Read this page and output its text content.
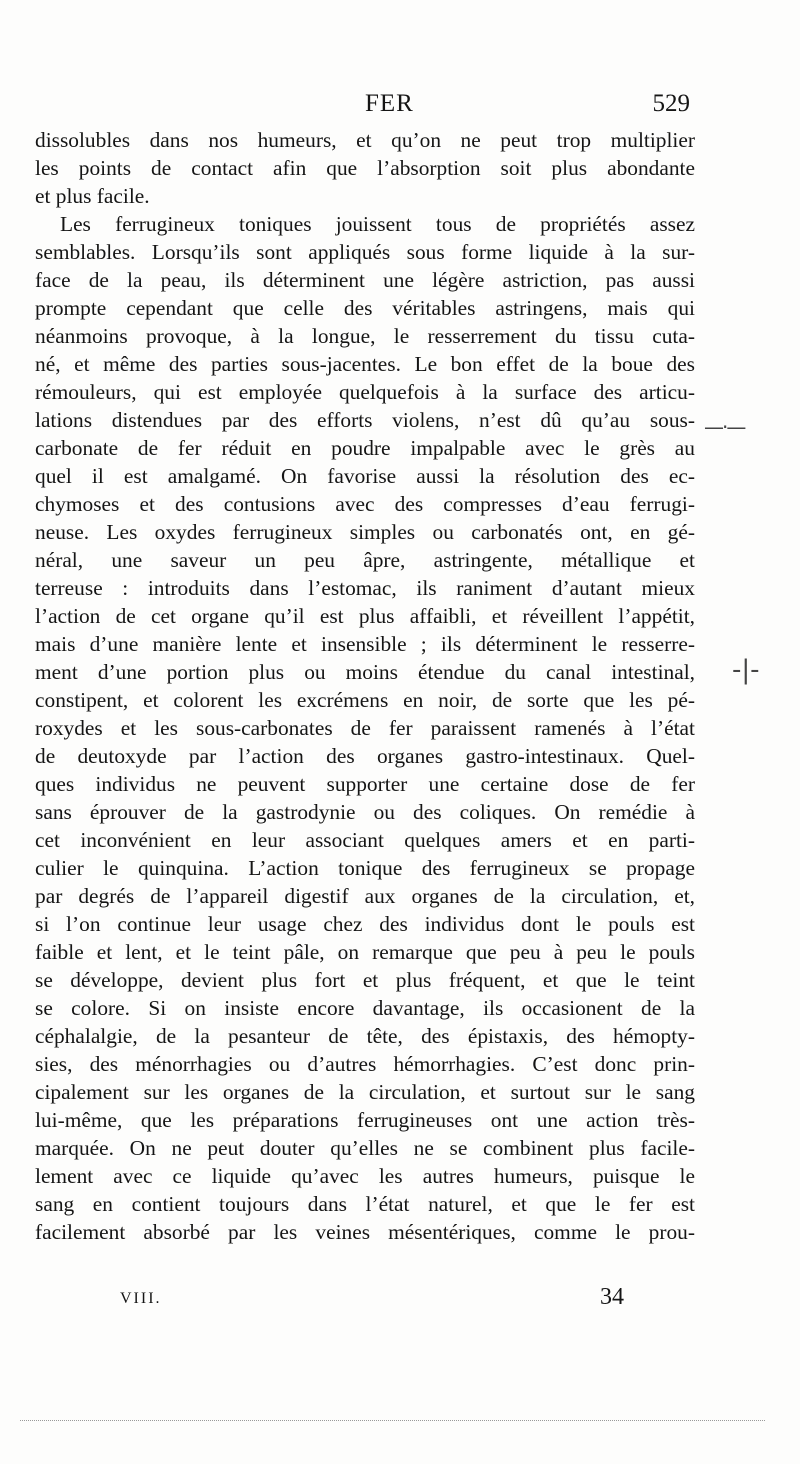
FER	529
dissolubles dans nos humeurs, et qu’on ne peut trop multiplier
les points de contact afin que l’absorption soit plus abondante
et plus facile.
Les ferrugineux toniques jouissent tous de propriétés assez
semblables. Lorsqu’ils sont appliqués sous forme liquide à la sur-
face de la peau, ils déterminent une légère astriction, pas aussi
prompte cependant que celle des véritables astringens, mais qui
néanmoins provoque, à la longue, le resserrement du tissu cuta-
né, et même des parties sous-jacentes. Le bon effet de la boue des
rémouleurs, qui est employée quelquefois à la surface des articu-
lations distendues par des efforts violens, n’est dû qu’au sous-
carbonate de fer réduit en poudre impalpable avec le grès au
quel il est amalgamé. On favorise aussi la résolution des ec-
chymoses et des contusions avec des compresses d’eau ferrugi-
neuse. Les oxydes ferrugineux simples ou carbonatés ont, en gé-
néral, une saveur un peu âpre, astringente, métallique et
terreuse : introduits dans l’estomac, ils raniment d’autant mieux
l’action de cet organe qu’il est plus affaibli, et réveillent l’appétit,
mais d’une manière lente et insensible ; ils déterminent le resserre-
ment d’une portion plus ou moins étendue du canal intestinal,
constipent, et colorent les excrémens en noir, de sorte que les pé-
roxydes et les sous-carbonates de fer paraissent ramenés à l’état
de deutoxyde par l’action des organes gastro-intestinaux. Quel-
ques individus ne peuvent supporter une certaine dose de fer
sans éprouver de la gastrodynie ou des coliques. On remédie à
cet inconvénient en leur associant quelques amers et en parti-
culier le quinquina. L’action tonique des ferrugineux se propage
par degrés de l’appareil digestif aux organes de la circulation, et,
si l’on continue leur usage chez des individus dont le pouls est
faible et lent, et le teint pâle, on remarque que peu à peu le pouls
se développe, devient plus fort et plus fréquent, et que le teint
se colore. Si on insiste encore davantage, ils occasionent de la
céphalalgie, de la pesanteur de tête, des épistaxis, des hémopty-
sies, des ménorrhagies ou d’autres hémorrhagies. C’est donc prin-
cipalement sur les organes de la circulation, et surtout sur le sang
lui-même, que les préparations ferrugineuses ont une action très-
marquée. On ne peut douter qu’elles ne se combinent plus facile-
lement avec ce liquide qu’avec les autres humeurs, puisque le
sang en contient toujours dans l’état naturel, et que le fer est
facilement absorbé par les veines mésentériques, comme le prou-
—·—
-|-
VIII.	34
